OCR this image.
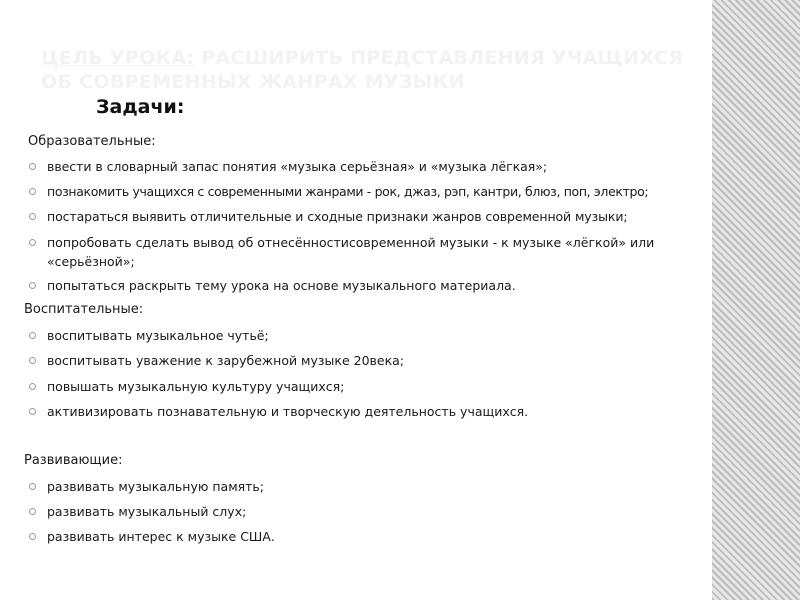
ЦЕЛЬ УРОКА: РАСШИРИТЬ ПРЕДСТАВЛЕНИЯ УЧАЩИХСЯ ОБ СОВРЕМЕННЫХ ЖАНРАХ МУЗЫКИ
Задачи:
Образовательные:
ввести в словарный запас понятия «музыка серьёзная» и «музыка лёгкая»;
познакомить учащихся с современными жанрами - рок, джаз, рэп, кантри, блюз, поп, электро;
постараться выявить отличительные и сходные признаки жанров современной музыки;
попробовать сделать вывод об отнесённостисовременной музыки - к музыке «лёгкой» или «серьёзной»;
попытаться раскрыть тему урока на основе музыкального материала.
Воспитательные:
воспитывать музыкальное чутьё;
воспитывать уважение к зарубежной музыке 20века;
повышать музыкальную культуру учащихся;
активизировать познавательную и творческую деятельность учащихся.
Развивающие:
развивать музыкальную память;
развивать музыкальный слух;
развивать интерес к музыке США.
